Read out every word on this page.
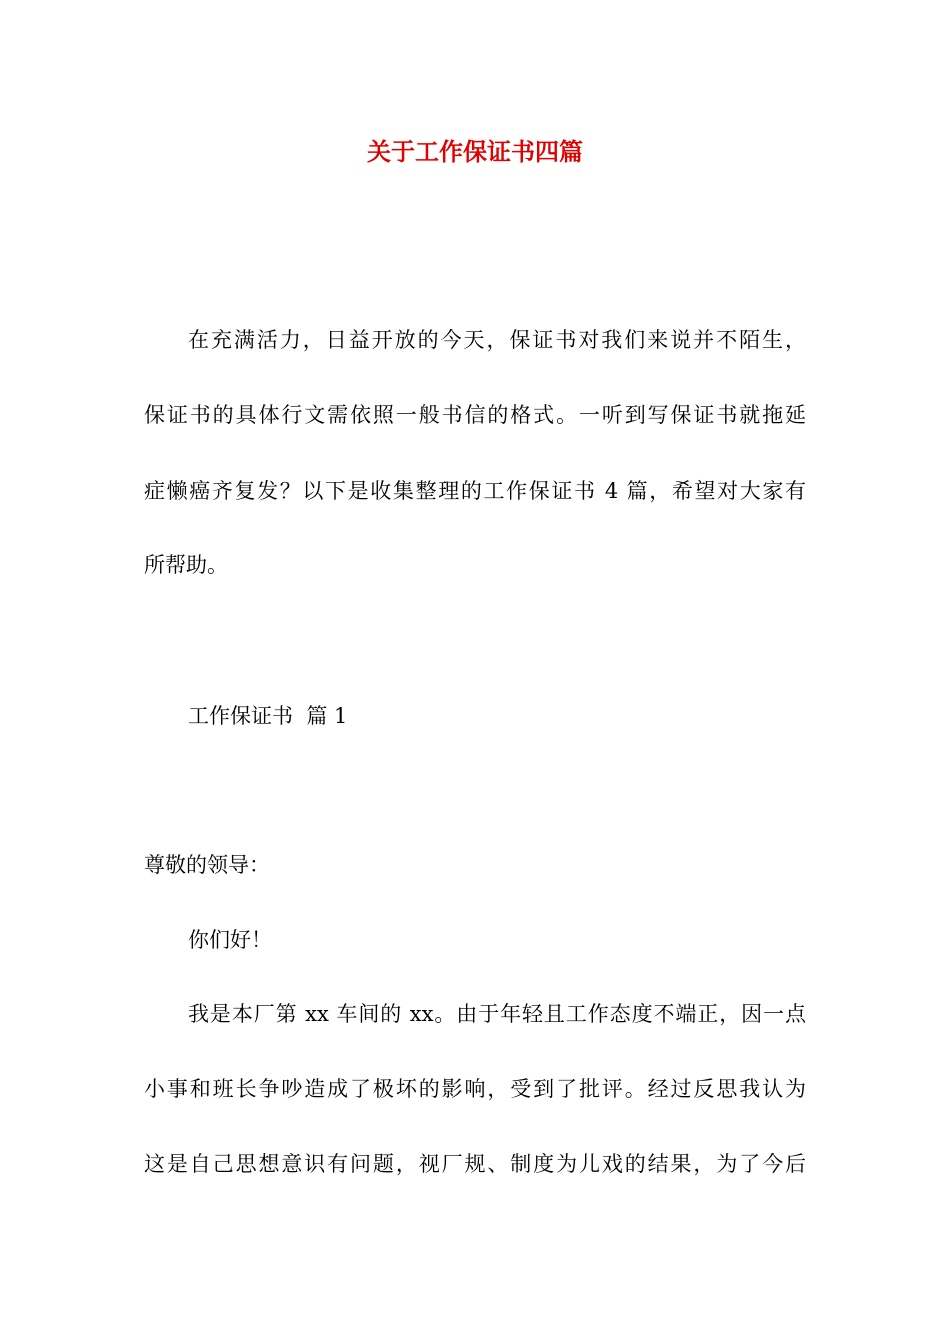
关于工作保证书四篇
在充满活力，日益开放的今天，保证书对我们来说并不陌生，
保证书的具体行文需依照一般书信的格式。一听到写保证书就拖延
症懒癌齐复发？以下是收集整理的工作保证书 4 篇，希望对大家有
所帮助。
工作保证书  篇 1
尊敬的领导：
你们好！
我是本厂第 xx 车间的 xx。由于年轻且工作态度不端正，因一点
小事和班长争吵造成了极坏的影响，受到了批评。经过反思我认为
这是自己思想意识有问题，视厂规、制度为儿戏的结果，为了今后
